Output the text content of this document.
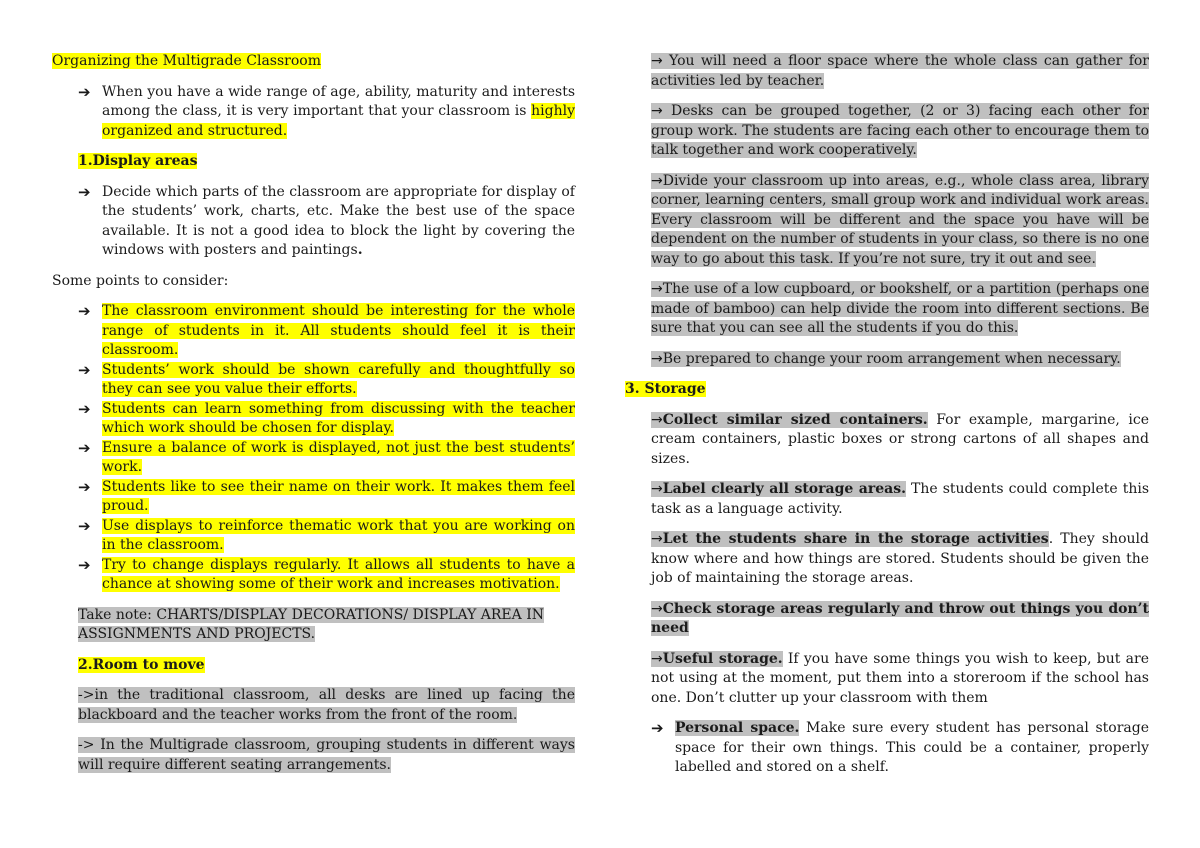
Organizing the Multigrade Classroom

➔ When you have a wide range of age, ability, maturity and interests among the class, it is very important that your classroom is highly organized and structured.

1.Display areas

➔ Decide which parts of the classroom are appropriate for display of the students’ work, charts, etc. Make the best use of the space available. It is not a good idea to block the light by covering the windows with posters and paintings.

Some points to consider:

➔ The classroom environment should be interesting for the whole range of students in it. All students should feel it is their classroom.
➔ Students’ work should be shown carefully and thoughtfully so they can see you value their efforts.
➔ Students can learn something from discussing with the teacher which work should be chosen for display.
➔ Ensure a balance of work is displayed, not just the best students’ work.
➔ Students like to see their name on their work. It makes them feel proud.
➔ Use displays to reinforce thematic work that you are working on in the classroom.
➔ Try to change displays regularly. It allows all students to have a chance at showing some of their work and increases motivation.

Take note: CHARTS/DISPLAY DECORATIONS/ DISPLAY AREA IN ASSIGNMENTS AND PROJECTS.

2.Room to move

->in the traditional classroom, all desks are lined up facing the blackboard and the teacher works from the front of the room.

-> In the Multigrade classroom, grouping students in different ways will require different seating arrangements.

→ You will need a floor space where the whole class can gather for activities led by teacher.

→ Desks can be grouped together, (2 or 3) facing each other for group work. The students are facing each other to encourage them to talk together and work cooperatively.

→Divide your classroom up into areas, e.g., whole class area, library corner, learning centers, small group work and individual work areas. Every classroom will be different and the space you have will be dependent on the number of students in your class, so there is no one way to go about this task. If you’re not sure, try it out and see.

→The use of a low cupboard, or bookshelf, or a partition (perhaps one made of bamboo) can help divide the room into different sections. Be sure that you can see all the students if you do this.

→Be prepared to change your room arrangement when necessary.

3. Storage

→Collect similar sized containers. For example, margarine, ice cream containers, plastic boxes or strong cartons of all shapes and sizes.

→Label clearly all storage areas. The students could complete this task as a language activity.

→Let the students share in the storage activities. They should know where and how things are stored. Students should be given the job of maintaining the storage areas.

→Check storage areas regularly and throw out things you don’t need

→Useful storage. If you have some things you wish to keep, but are not using at the moment, put them into a storeroom if the school has one. Don’t clutter up your classroom with them

➔ Personal space. Make sure every student has personal storage space for their own things. This could be a container, properly labelled and stored on a shelf.
